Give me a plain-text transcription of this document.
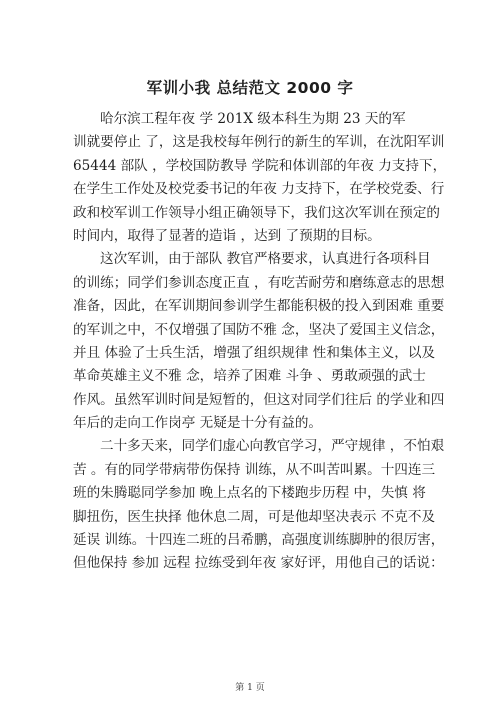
军训小我 总结范文 2000 字
哈尔滨工程年夜 学 201X 级本科生为期 23 天的军
训就要停止 了，这是我校每年例行的新生的军训，在沈阳军训
65444 部队 ，学校国防教导 学院和体训部的年夜 力支持下，
在学生工作处及校党委书记的年夜 力支持下，在学校党委、行
政和校军训工作领导小组正确领导下，我们这次军训在预定的
时间内，取得了显著的造诣 ，达到 了预期的目标。
这次军训，由于部队 教官严格要求，认真进行各项科目
的训练；同学们参训态度正直 ，有吃苦耐劳和磨练意志的思想
准备，因此，在军训期间参训学生都能积极的投入到困难 重要
的军训之中，不仅增强了国防不雅 念，坚决了爱国主义信念，
并且 体验了士兵生活，增强了组织规律 性和集体主义，以及
革命英雄主义不雅 念，培养了困难 斗争 、勇敢顽强的武士
作风。虽然军训时间是短暂的，但这对同学们往后 的学业和四
年后的走向工作岗亭 无疑是十分有益的。
二十多天来，同学们虚心向教官学习，严守规律 ，不怕艰
苦 。有的同学带病带伤保持 训练，从不叫苦叫累。十四连三
班的朱腾聪同学参加 晚上点名的下楼跑步历程 中，失慎 将
脚扭伤，医生抉择 他休息二周，可是他却坚决表示 不克不及
延误 训练。十四连二班的吕希鹏，高强度训练脚肿的很厉害，
但他保持 参加 远程 拉练受到年夜 家好评，用他自己的话说：
第 1 页
